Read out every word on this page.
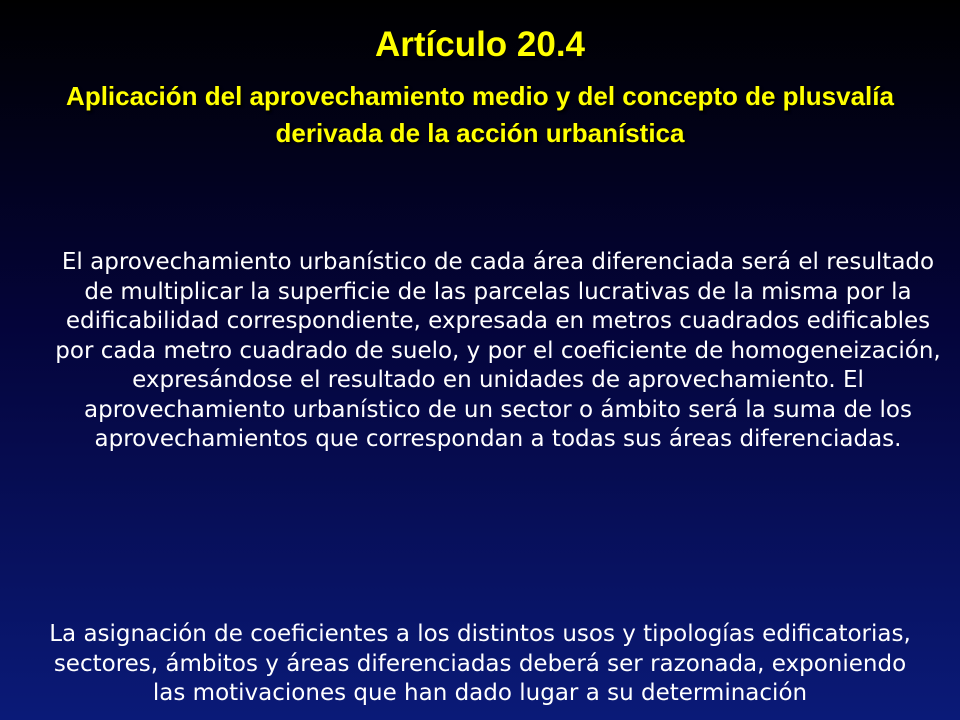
Artículo 20.4
Aplicación del aprovechamiento medio y del concepto de plusvalía derivada de la acción urbanística

El aprovechamiento urbanístico de cada área diferenciada será el resultado de multiplicar la superficie de las parcelas lucrativas de la misma por la edificabilidad correspondiente, expresada en metros cuadrados edificables por cada metro cuadrado de suelo, y por el coeficiente de homogeneización, expresándose el resultado en unidades de aprovechamiento. El aprovechamiento urbanístico de un sector o ámbito será la suma de los aprovechamientos que correspondan a todas sus áreas diferenciadas.

La asignación de coeficientes a los distintos usos y tipologías edificatorias, sectores, ámbitos y áreas diferenciadas deberá ser razonada, exponiendo las motivaciones que han dado lugar a su determinación
